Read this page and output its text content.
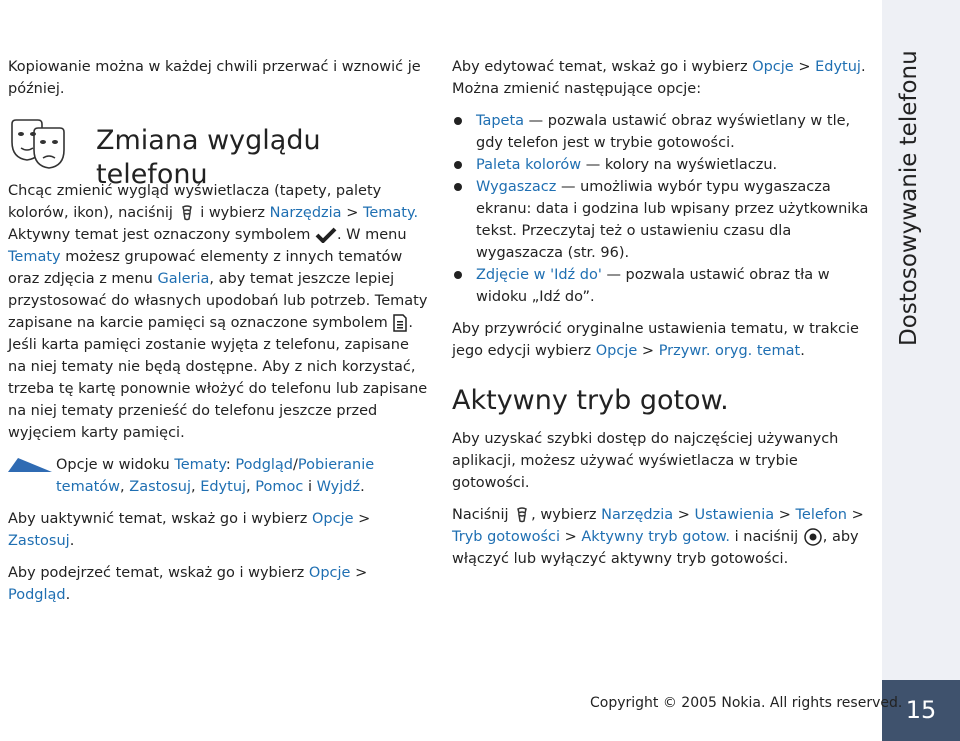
Dostosowywanie telefonu
15
Copyright © 2005 Nokia. All rights reserved.

Kopiowanie można w każdej chwili przerwać i wznowić je później.

Zmiana wyglądu telefonu

Chcąc zmienić wygląd wyświetlacza (tapety, palety kolorów, ikon), naciśnij i wybierz Narzędzia > Tematy. Aktywny temat jest oznaczony symbolem . W menu Tematy możesz grupować elementy z innych tematów oraz zdjęcia z menu Galeria, aby temat jeszcze lepiej przystosować do własnych upodobań lub potrzeb. Tematy zapisane na karcie pamięci są oznaczone symbolem . Jeśli karta pamięci zostanie wyjęta z telefonu, zapisane na niej tematy nie będą dostępne. Aby z nich korzystać, trzeba tę kartę ponownie włożyć do telefonu lub zapisane na niej tematy przenieść do telefonu jeszcze przed wyjęciem karty pamięci.

Opcje w widoku Tematy: Podgląd/Pobieranie tematów, Zastosuj, Edytuj, Pomoc i Wyjdź.

Aby uaktywnić temat, wskaż go i wybierz Opcje > Zastosuj.

Aby podejrzeć temat, wskaż go i wybierz Opcje > Podgląd.

Aby edytować temat, wskaż go i wybierz Opcje > Edytuj. Można zmienić następujące opcje:

Tapeta — pozwala ustawić obraz wyświetlany w tle, gdy telefon jest w trybie gotowości.
Paleta kolorów — kolory na wyświetlaczu.
Wygaszacz — umożliwia wybór typu wygaszacza ekranu: data i godzina lub wpisany przez użytkownika tekst. Przeczytaj też o ustawieniu czasu dla wygaszacza (str. 96).
Zdjęcie w 'Idź do' — pozwala ustawić obraz tła w widoku „Idź do”.

Aby przywrócić oryginalne ustawienia tematu, w trakcie jego edycji wybierz Opcje > Przywr. oryg. temat.

Aktywny tryb gotow.

Aby uzyskać szybki dostęp do najczęściej używanych aplikacji, możesz używać wyświetlacza w trybie gotowości.

Naciśnij , wybierz Narzędzia > Ustawienia > Telefon > Tryb gotowości > Aktywny tryb gotow. i naciśnij , aby włączyć lub wyłączyć aktywny tryb gotowości.
